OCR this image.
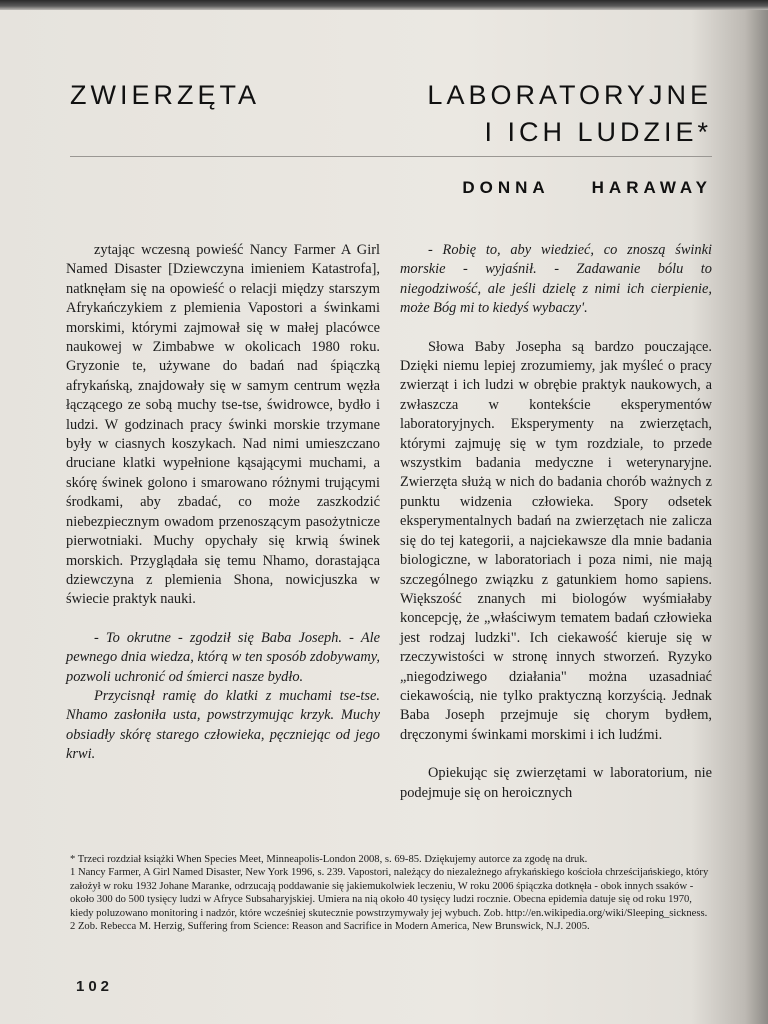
ZWIERZĘTA	LABORATORYJNE
I ICH LUDZIE*
DONNA HARAWAY

zytając wczesną powieść Nancy Farmer A Girl Named Disaster [Dziewczyna imieniem Katastrofa], natknęłam się na opowieść o relacji między starszym Afrykańczykiem z plemienia Vapostori a świnkami morskimi, którymi zajmował się w małej placówce naukowej w Zimbabwe w okolicach 1980 roku. Gryzonie te, używane do badań nad śpiączką afrykańską, znajdowały się w samym centrum węzła łączącego ze sobą muchy tse-tse, świdrowce, bydło i ludzi. W godzinach pracy świnki morskie trzymane były w ciasnych koszykach. Nad nimi umieszczano druciane klatki wypełnione kąsającymi muchami, a skórę świnek golono i smarowano różnymi trującymi środkami, aby zbadać, co może zaszkodzić niebezpiecznym owadom przenoszącym pasożytnicze pierwotniaki. Muchy opychały się krwią świnek morskich. Przyglądała się temu Nhamo, dorastająca dziewczyna z plemienia Shona, nowicjuszka w świecie praktyk nauki.

- To okrutne - zgodził się Baba Joseph. - Ale pewnego dnia wiedza, którą w ten sposób zdobywamy, pozwoli uchronić od śmierci nasze bydło.

Przycisnął ramię do klatki z muchami tse-tse. Nhamo zasłoniła usta, powstrzymując krzyk. Muchy obsiadły skórę starego człowieka, pęczniejąc od jego krwi.

- Robię to, aby wiedzieć, co znoszą świnki morskie - wyjaśnił. - Zadawanie bólu to niegodziwość, ale jeśli dzielę z nimi ich cierpienie, może Bóg mi to kiedyś wybaczy'.

Słowa Baby Josepha są bardzo pouczające. Dzięki niemu lepiej zrozumiemy, jak myśleć o pracy zwierząt i ich ludzi w obrębie praktyk naukowych, a zwłaszcza w kontekście eksperymentów laboratoryjnych. Eksperymenty na zwierzętach, którymi zajmuję się w tym rozdziale, to przede wszystkim badania medyczne i weterynaryjne. Zwierzęta służą w nich do badania chorób ważnych z punktu widzenia człowieka. Spory odsetek eksperymentalnych badań na zwierzętach nie zalicza się do tej kategorii, a najciekawsze dla mnie badania biologiczne, w laboratoriach i poza nimi, nie mają szczególnego związku z gatunkiem homo sapiens. Większość znanych mi biologów wyśmiałaby koncepcję, że „właściwym tematem badań człowieka jest rodzaj ludzki". Ich ciekawość kieruje się w rzeczywistości w stronę innych stworzeń. Ryzyko „niegodziwego działania" można uzasadniać ciekawością, nie tylko praktyczną korzyścią. Jednak Baba Joseph przejmuje się chorym bydłem, dręczonymi świnkami morskimi i ich ludźmi.

Opiekując się zwierzętami w laboratorium, nie podejmuje się on heroicznych

* Trzeci rozdział książki When Species Meet, Minneapolis-London 2008, s. 69-85. Dziękujemy autorce za zgodę na druk.

1 Nancy Farmer, A Girl Named Disaster, New York 1996, s. 239. Vapostori, należący do niezależnego afrykańskiego kościoła chrześcijańskiego, który założył w roku 1932 Johane Maranke, odrzucają poddawanie się jakiemukolwiek leczeniu, W roku 2006 śpiączka dotknęła - obok innych ssaków - około 300 do 500 tysięcy ludzi w Afryce Subsaharyjskiej. Umiera na nią około 40 tysięcy ludzi rocznie. Obecna epidemia datuje się od roku 1970, kiedy poluzowano monitoring i nadzór, które wcześniej skutecznie powstrzymywały jej wybuch. Zob. http://en.wikipedia.org/wiki/Sleeping_sickness.

2 Zob. Rebecca M. Herzig, Suffering from Science: Reason and Sacrifice in Modern America, New Brunswick, N.J. 2005.

102
